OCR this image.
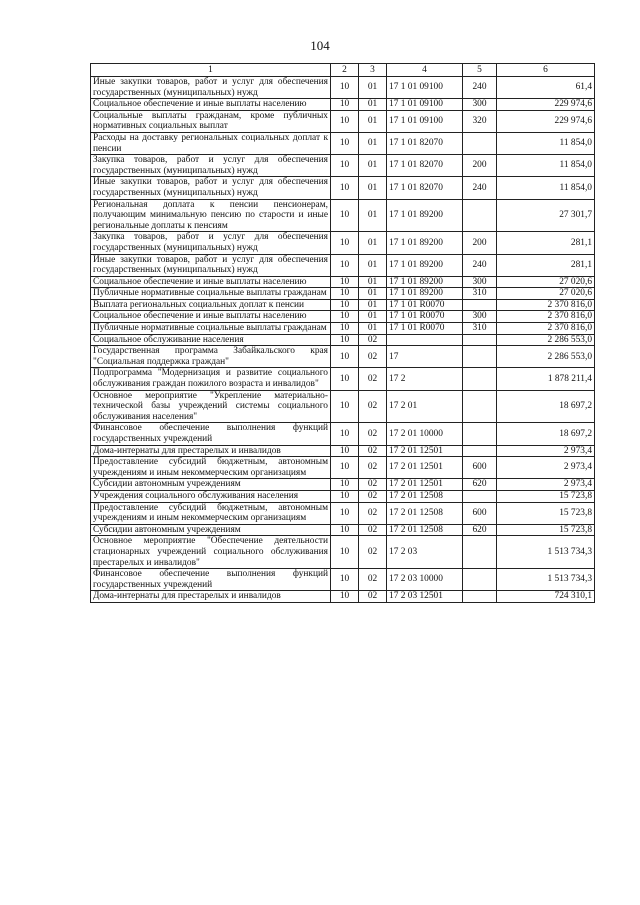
104
1	2	3	4	5	6
Иные закупки товаров, работ и услуг для обеспечения государственных (муниципальных) нужд	10	01	17 1 01 09100	240	61,4
Социальное обеспечение и иные выплаты населению	10	01	17 1 01 09100	300	229 974,6
Социальные выплаты гражданам, кроме публичных нормативных социальных выплат	10	01	17 1 01 09100	320	229 974,6
Расходы на доставку региональных социальных доплат к пенсии	10	01	17 1 01 82070		11 854,0
Закупка товаров, работ и услуг для обеспечения государственных (муниципальных) нужд	10	01	17 1 01 82070	200	11 854,0
Иные закупки товаров, работ и услуг для обеспечения государственных (муниципальных) нужд	10	01	17 1 01 82070	240	11 854,0
Региональная доплата к пенсии пенсионерам, получающим минимальную пенсию по старости и иные региональные доплаты к пенсиям	10	01	17 1 01 89200		27 301,7
Закупка товаров, работ и услуг для обеспечения государственных (муниципальных) нужд	10	01	17 1 01 89200	200	281,1
Иные закупки товаров, работ и услуг для обеспечения государственных (муниципальных) нужд	10	01	17 1 01 89200	240	281,1
Социальное обеспечение и иные выплаты населению	10	01	17 1 01 89200	300	27 020,6
Публичные нормативные социальные выплаты гражданам	10	01	17 1 01 89200	310	27 020,6
Выплата региональных социальных доплат к пенсии	10	01	17 1 01 R0070		2 370 816,0
Социальное обеспечение и иные выплаты населению	10	01	17 1 01 R0070	300	2 370 816,0
Публичные нормативные социальные выплаты гражданам	10	01	17 1 01 R0070	310	2 370 816,0
Социальное обслуживание населения	10	02			2 286 553,0
Государственная программа Забайкальского края "Социальная поддержка граждан"	10	02	17		2 286 553,0
Подпрограмма "Модернизация и развитие социального обслуживания граждан пожилого возраста и инвалидов"	10	02	17 2		1 878 211,4
Основное мероприятие "Укрепление материально-технической базы учреждений системы социального обслуживания населения"	10	02	17 2 01		18 697,2
Финансовое обеспечение выполнения функций государственных учреждений	10	02	17 2 01 10000		18 697,2
Дома-интернаты для престарелых и инвалидов	10	02	17 2 01 12501		2 973,4
Предоставление субсидий бюджетным, автономным учреждениям и иным некоммерческим организациям	10	02	17 2 01 12501	600	2 973,4
Субсидии автономным учреждениям	10	02	17 2 01 12501	620	2 973,4
Учреждения социального обслуживания населения	10	02	17 2 01 12508		15 723,8
Предоставление субсидий бюджетным, автономным учреждениям и иным некоммерческим организациям	10	02	17 2 01 12508	600	15 723,8
Субсидии автономным учреждениям	10	02	17 2 01 12508	620	15 723,8
Основное мероприятие "Обеспечение деятельности стационарных учреждений социального обслуживания престарелых и инвалидов"	10	02	17 2 03		1 513 734,3
Финансовое обеспечение выполнения функций государственных учреждений	10	02	17 2 03 10000		1 513 734,3
Дома-интернаты для престарелых и инвалидов	10	02	17 2 03 12501		724 310,1
